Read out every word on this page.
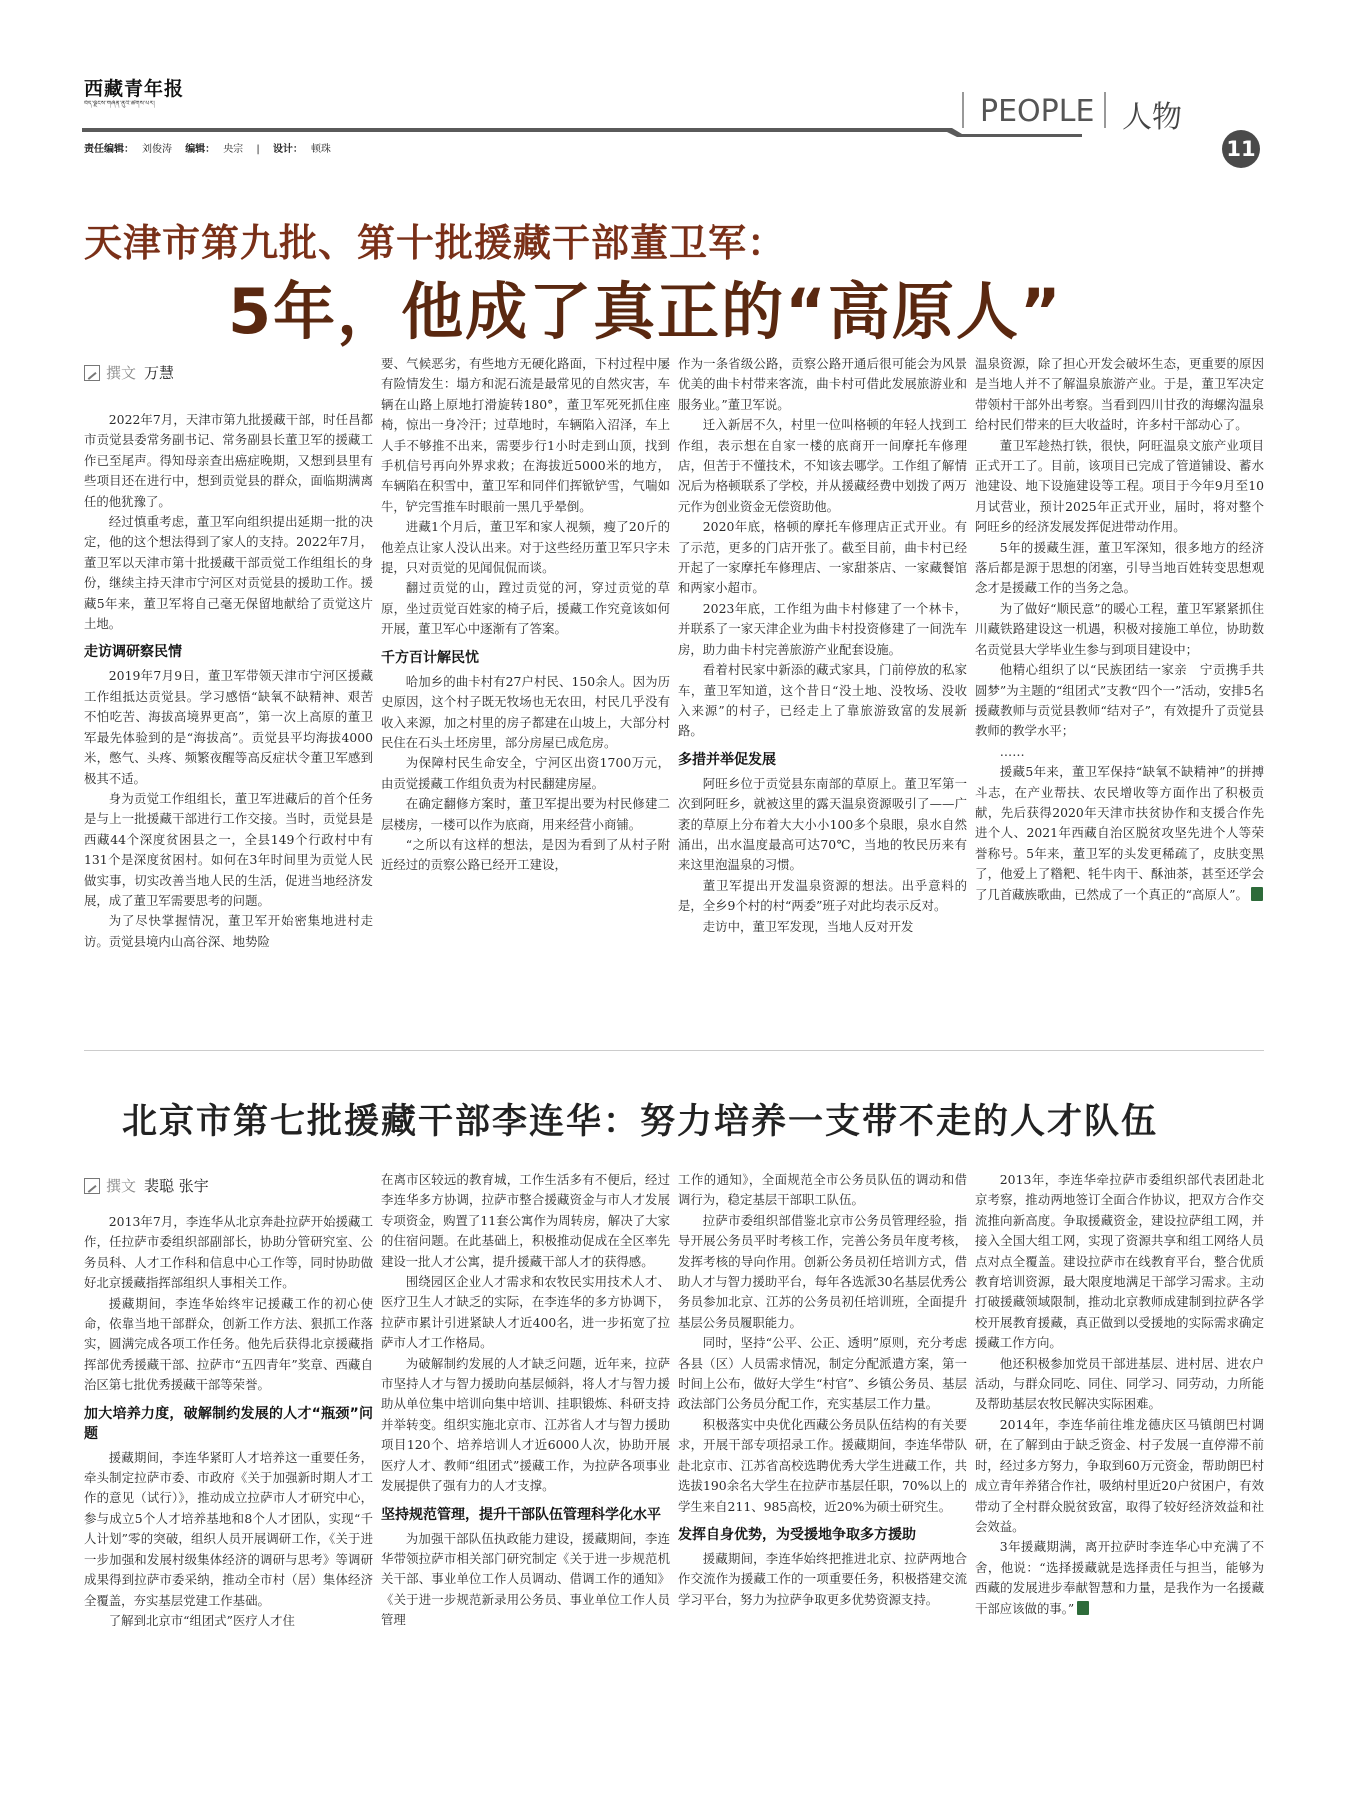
西藏青年报
བོད་ལྗོངས་གཞོན་ནུའི་ཚགས་པར།	PEOPLE 人物
责任编辑： 刘俊涛 编辑： 央宗 | 设计： 顿珠	11
天津市第九批、第十批援藏干部董卫军：
5年，他成了真正的“高原人”
撰文 万慧

2022年7月，天津市第九批援藏干部，时任昌都市贡觉县委常务副书记、常务副县长董卫军的援藏工作已至尾声。得知母亲查出癌症晚期，又想到县里有些项目还在进行中，想到贡觉县的群众，面临期满离任的他犹豫了。

经过慎重考虑，董卫军向组织提出延期一批的决定，他的这个想法得到了家人的支持。2022年7月，董卫军以天津市第十批援藏干部贡觉工作组组长的身份，继续主持天津市宁河区对贡觉县的援助工作。援藏5年来，董卫军将自己毫无保留地献给了贡觉这片土地。

走访调研察民情

2019年7月9日，董卫军带领天津市宁河区援藏工作组抵达贡觉县。学习感悟“缺氧不缺精神、艰苦不怕吃苦、海拔高境界更高”，第一次上高原的董卫军最先体验到的是“海拔高”。贡觉县平均海拔4000米，憋气、头疼、频繁夜醒等高反症状令董卫军感到极其不适。

身为贡觉工作组组长，董卫军进藏后的首个任务是与上一批援藏干部进行工作交接。当时，贡觉县是西藏44个深度贫困县之一，全县149个行政村中有131个是深度贫困村。如何在3年时间里为贡觉人民做实事，切实改善当地人民的生活，促进当地经济发展，成了董卫军需要思考的问题。

为了尽快掌握情况，董卫军开始密集地进村走访。贡觉县境内山高谷深、地势险

要、气候恶劣，有些地方无硬化路面，下村过程中屡有险情发生：塌方和泥石流是最常见的自然灾害，车辆在山路上原地打滑旋转180°，董卫军死死抓住座椅，惊出一身冷汗；过草地时，车辆陷入沼泽，车上人手不够推不出来，需要步行1小时走到山顶，找到手机信号再向外界求救；在海拔近5000米的地方，车辆陷在积雪中，董卫军和同伴们挥锨铲雪，气喘如牛，铲完雪推车时眼前一黑几乎晕倒。

进藏1个月后，董卫军和家人视频，瘦了20斤的他差点让家人没认出来。对于这些经历董卫军只字未提，只对贡觉的见闻侃侃而谈。

翻过贡觉的山，蹚过贡觉的河，穿过贡觉的草原，坐过贡觉百姓家的椅子后，援藏工作究竟该如何开展，董卫军心中逐渐有了答案。

千方百计解民忧

哈加乡的曲卡村有27户村民、150余人。因为历史原因，这个村子既无牧场也无农田，村民几乎没有收入来源，加之村里的房子都建在山坡上，大部分村民住在石头土坯房里，部分房屋已成危房。

为保障村民生命安全，宁河区出资1700万元，由贡觉援藏工作组负责为村民翻建房屋。

在确定翻修方案时，董卫军提出要为村民修建二层楼房，一楼可以作为底商，用来经营小商铺。

“之所以有这样的想法，是因为看到了从村子附近经过的贡察公路已经开工建设，

作为一条省级公路，贡察公路开通后很可能会为风景优美的曲卡村带来客流，曲卡村可借此发展旅游业和服务业。”董卫军说。

迁入新居不久，村里一位叫格顿的年轻人找到工作组，表示想在自家一楼的底商开一间摩托车修理店，但苦于不懂技术，不知该去哪学。工作组了解情况后为格顿联系了学校，并从援藏经费中划拨了两万元作为创业资金无偿资助他。

2020年底，格顿的摩托车修理店正式开业。有了示范，更多的门店开张了。截至目前，曲卡村已经开起了一家摩托车修理店、一家甜茶店、一家藏餐馆和两家小超市。

2023年底，工作组为曲卡村修建了一个林卡，并联系了一家天津企业为曲卡村投资修建了一间洗车房，助力曲卡村完善旅游产业配套设施。

看着村民家中新添的藏式家具，门前停放的私家车，董卫军知道，这个昔日“没土地、没牧场、没收入来源”的村子，已经走上了靠旅游致富的发展新路。

多措并举促发展

阿旺乡位于贡觉县东南部的草原上。董卫军第一次到阿旺乡，就被这里的露天温泉资源吸引了——广袤的草原上分布着大大小小100多个泉眼，泉水自然涌出，出水温度最高可达70℃，当地的牧民历来有来这里泡温泉的习惯。

董卫军提出开发温泉资源的想法。出乎意料的是，全乡9个村的村“两委”班子对此均表示反对。

走访中，董卫军发现，当地人反对开发

温泉资源，除了担心开发会破坏生态，更重要的原因是当地人并不了解温泉旅游产业。于是，董卫军决定带领村干部外出考察。当看到四川甘孜的海螺沟温泉给村民们带来的巨大收益时，许多村干部动心了。

董卫军趁热打铁，很快，阿旺温泉文旅产业项目正式开工了。目前，该项目已完成了管道铺设、蓄水池建设、地下设施建设等工程。项目于今年9月至10月试营业，预计2025年正式开业，届时，将对整个阿旺乡的经济发展发挥促进带动作用。

5年的援藏生涯，董卫军深知，很多地方的经济落后都是源于思想的闭塞，引导当地百姓转变思想观念才是援藏工作的当务之急。

为了做好“顺民意”的暖心工程，董卫军紧紧抓住川藏铁路建设这一机遇，积极对接施工单位，协助数名贡觉县大学毕业生参与到项目建设中；

他精心组织了以“民族团结一家亲　宁贡携手共圆梦”为主题的“组团式”支教“四个一”活动，安排5名援藏教师与贡觉县教师“结对子”，有效提升了贡觉县教师的教学水平；

……

援藏5年来，董卫军保持“缺氧不缺精神”的拼搏斗志，在产业帮扶、农民增收等方面作出了积极贡献，先后获得2020年天津市扶贫协作和支援合作先进个人、2021年西藏自治区脱贫攻坚先进个人等荣誉称号。5年来，董卫军的头发更稀疏了，皮肤变黑了，他爱上了糌粑、牦牛肉干、酥油茶，甚至还学会了几首藏族歌曲，已然成了一个真正的“高原人”。

北京市第七批援藏干部李连华：努力培养一支带不走的人才队伍
撰文 裴聪 张宇

2013年7月，李连华从北京奔赴拉萨开始援藏工作，任拉萨市委组织部副部长，协助分管研究室、公务员科、人才工作科和信息中心工作等，同时协助做好北京援藏指挥部组织人事相关工作。

援藏期间，李连华始终牢记援藏工作的初心使命，依靠当地干部群众，创新工作方法、狠抓工作落实，圆满完成各项工作任务。他先后获得北京援藏指挥部优秀援藏干部、拉萨市“五四青年”奖章、西藏自治区第七批优秀援藏干部等荣誉。

加大培养力度，破解制约发展的人才“瓶颈”问题

援藏期间，李连华紧盯人才培养这一重要任务，牵头制定拉萨市委、市政府《关于加强新时期人才工作的意见（试行）》，推动成立拉萨市人才研究中心，参与成立5个人才培养基地和8个人才团队，实现“千人计划”零的突破，组织人员开展调研工作，《关于进一步加强和发展村级集体经济的调研与思考》等调研成果得到拉萨市委采纳，推动全市村（居）集体经济全覆盖，夯实基层党建工作基础。

了解到北京市“组团式”医疗人才住

在离市区较远的教育城，工作生活多有不便后，经过李连华多方协调，拉萨市整合援藏资金与市人才发展专项资金，购置了11套公寓作为周转房，解决了大家的住宿问题。在此基础上，积极推动促成在全区率先建设一批人才公寓，提升援藏干部人才的获得感。

围绕园区企业人才需求和农牧民实用技术人才、医疗卫生人才缺乏的实际，在李连华的多方协调下，拉萨市累计引进紧缺人才近400名，进一步拓宽了拉萨市人才工作格局。

为破解制约发展的人才缺乏问题，近年来，拉萨市坚持人才与智力援助向基层倾斜，将人才与智力援助从单位集中培训向集中培训、挂职锻炼、科研支持并举转变。组织实施北京市、江苏省人才与智力援助项目120个、培养培训人才近6000人次，协助开展医疗人才、教师“组团式”援藏工作，为拉萨各项事业发展提供了强有力的人才支撑。

坚持规范管理，提升干部队伍管理科学化水平

为加强干部队伍执政能力建设，援藏期间，李连华带领拉萨市相关部门研究制定《关于进一步规范机关干部、事业单位工作人员调动、借调工作的通知》《关于进一步规范新录用公务员、事业单位工作人员管理

工作的通知》，全面规范全市公务员队伍的调动和借调行为，稳定基层干部职工队伍。

拉萨市委组织部借鉴北京市公务员管理经验，指导开展公务员平时考核工作，完善公务员年度考核，发挥考核的导向作用。创新公务员初任培训方式，借助人才与智力援助平台，每年各选派30名基层优秀公务员参加北京、江苏的公务员初任培训班，全面提升基层公务员履职能力。

同时，坚持“公平、公正、透明”原则，充分考虑各县（区）人员需求情况，制定分配派遣方案，第一时间上公布，做好大学生“村官”、乡镇公务员、基层政法部门公务员分配工作，充实基层工作力量。

积极落实中央优化西藏公务员队伍结构的有关要求，开展干部专项招录工作。援藏期间，李连华带队赴北京市、江苏省高校选聘优秀大学生进藏工作，共选拔190余名大学生在拉萨市基层任职，70%以上的学生来自211、985高校，近20%为硕士研究生。

发挥自身优势，为受援地争取多方援助

援藏期间，李连华始终把推进北京、拉萨两地合作交流作为援藏工作的一项重要任务，积极搭建交流学习平台，努力为拉萨争取更多优势资源支持。

2013年，李连华牵拉萨市委组织部代表团赴北京考察，推动两地签订全面合作协议，把双方合作交流推向新高度。争取援藏资金，建设拉萨组工网，并接入全国大组工网，实现了资源共享和组工网络人员点对点全覆盖。建设拉萨市在线教育平台，整合优质教育培训资源，最大限度地满足干部学习需求。主动打破援藏领域限制，推动北京教师成建制到拉萨各学校开展教育援藏，真正做到以受援地的实际需求确定援藏工作方向。

他还积极参加党员干部进基层、进村居、进农户活动，与群众同吃、同住、同学习、同劳动，力所能及帮助基层农牧民解决实际困难。

2014年，李连华前往堆龙德庆区马镇朗巴村调研，在了解到由于缺乏资金、村子发展一直停滞不前时，经过多方努力，争取到60万元资金，帮助朗巴村成立青年养猪合作社，吸纳村里近20户贫困户，有效带动了全村群众脱贫致富，取得了较好经济效益和社会效益。

3年援藏期满，离开拉萨时李连华心中充满了不舍，他说：“选择援藏就是选择责任与担当，能够为西藏的发展进步奉献智慧和力量，是我作为一名援藏干部应该做的事。”
